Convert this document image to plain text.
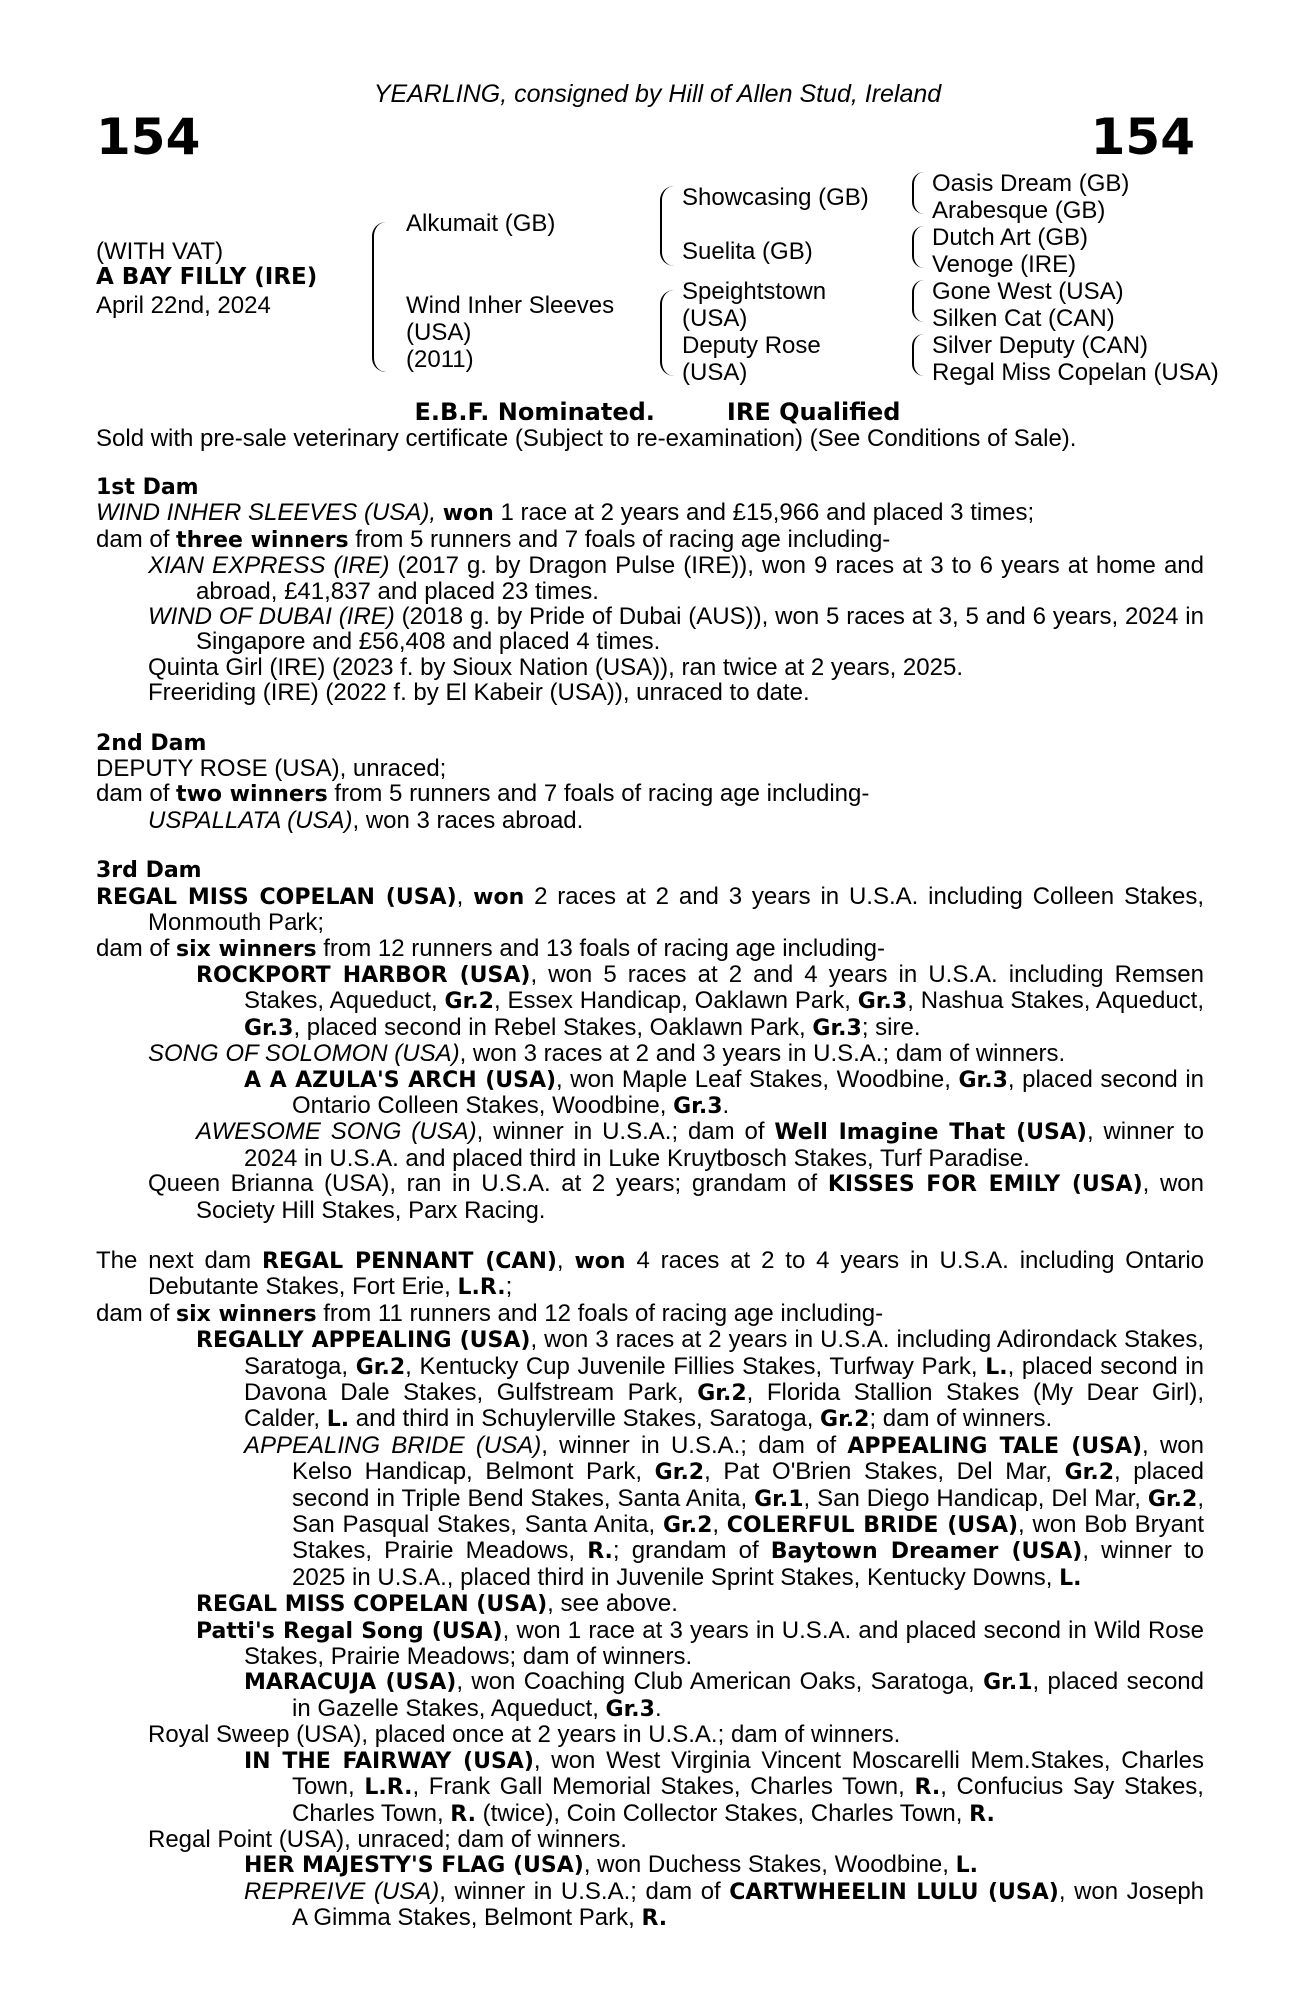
YEARLING, consigned by Hill of Allen Stud, Ireland
154	154
(WITH VAT)
A BAY FILLY (IRE)
April 22nd, 2024
Alkumait (GB)
Wind Inher Sleeves
(USA)
(2011)
Showcasing (GB)
Suelita (GB)
Speightstown
(USA)
Deputy Rose
(USA)
Oasis Dream (GB)
Arabesque (GB)
Dutch Art (GB)
Venoge (IRE)
Gone West (USA)
Silken Cat (CAN)
Silver Deputy (CAN)
Regal Miss Copelan (USA)
E.B.F. Nominated.	IRE Qualified
Sold with pre-sale veterinary certificate (Subject to re-examination) (See Conditions of Sale).

1st Dam

WIND INHER SLEEVES (USA), won 1 race at 2 years and £15,966 and placed 3 times;

dam of three winners from 5 runners and 7 foals of racing age including-

XIAN EXPRESS (IRE) (2017 g. by Dragon Pulse (IRE)), won 9 races at 3 to 6 years at home and abroad, £41,837 and placed 23 times.

WIND OF DUBAI (IRE) (2018 g. by Pride of Dubai (AUS)), won 5 races at 3, 5 and 6 years, 2024 in Singapore and £56,408 and placed 4 times.

Quinta Girl (IRE) (2023 f. by Sioux Nation (USA)), ran twice at 2 years, 2025.

Freeriding (IRE) (2022 f. by El Kabeir (USA)), unraced to date.

2nd Dam

DEPUTY ROSE (USA), unraced;

dam of two winners from 5 runners and 7 foals of racing age including-

USPALLATA (USA), won 3 races abroad.

3rd Dam

REGAL MISS COPELAN (USA), won 2 races at 2 and 3 years in U.S.A. including Colleen Stakes, Monmouth Park;

dam of six winners from 12 runners and 13 foals of racing age including-

ROCKPORT HARBOR (USA), won 5 races at 2 and 4 years in U.S.A. including Remsen Stakes, Aqueduct, Gr.2, Essex Handicap, Oaklawn Park, Gr.3, Nashua Stakes, Aqueduct, Gr.3, placed second in Rebel Stakes, Oaklawn Park, Gr.3; sire.

SONG OF SOLOMON (USA), won 3 races at 2 and 3 years in U.S.A.; dam of winners.

A A AZULA'S ARCH (USA), won Maple Leaf Stakes, Woodbine, Gr.3, placed second in Ontario Colleen Stakes, Woodbine, Gr.3.

AWESOME SONG (USA), winner in U.S.A.; dam of Well Imagine That (USA), winner to 2024 in U.S.A. and placed third in Luke Kruytbosch Stakes, Turf Paradise.

Queen Brianna (USA), ran in U.S.A. at 2 years; grandam of KISSES FOR EMILY (USA), won Society Hill Stakes, Parx Racing.

The next dam REGAL PENNANT (CAN), won 4 races at 2 to 4 years in U.S.A. including Ontario Debutante Stakes, Fort Erie, L.R.;

dam of six winners from 11 runners and 12 foals of racing age including-

REGALLY APPEALING (USA), won 3 races at 2 years in U.S.A. including Adirondack Stakes, Saratoga, Gr.2, Kentucky Cup Juvenile Fillies Stakes, Turfway Park, L., placed second in Davona Dale Stakes, Gulfstream Park, Gr.2, Florida Stallion Stakes (My Dear Girl), Calder, L. and third in Schuylerville Stakes, Saratoga, Gr.2; dam of winners.

APPEALING BRIDE (USA), winner in U.S.A.; dam of APPEALING TALE (USA), won Kelso Handicap, Belmont Park, Gr.2, Pat O'Brien Stakes, Del Mar, Gr.2, placed second in Triple Bend Stakes, Santa Anita, Gr.1, San Diego Handicap, Del Mar, Gr.2, San Pasqual Stakes, Santa Anita, Gr.2, COLERFUL BRIDE (USA), won Bob Bryant Stakes, Prairie Meadows, R.; grandam of Baytown Dreamer (USA), winner to 2025 in U.S.A., placed third in Juvenile Sprint Stakes, Kentucky Downs, L.

REGAL MISS COPELAN (USA), see above.

Patti's Regal Song (USA), won 1 race at 3 years in U.S.A. and placed second in Wild Rose Stakes, Prairie Meadows; dam of winners.

MARACUJA (USA), won Coaching Club American Oaks, Saratoga, Gr.1, placed second in Gazelle Stakes, Aqueduct, Gr.3.

Royal Sweep (USA), placed once at 2 years in U.S.A.; dam of winners.

IN THE FAIRWAY (USA), won West Virginia Vincent Moscarelli Mem.Stakes, Charles Town, L.R., Frank Gall Memorial Stakes, Charles Town, R., Confucius Say Stakes, Charles Town, R. (twice), Coin Collector Stakes, Charles Town, R.

Regal Point (USA), unraced; dam of winners.

HER MAJESTY'S FLAG (USA), won Duchess Stakes, Woodbine, L.

REPREIVE (USA), winner in U.S.A.; dam of CARTWHEELIN LULU (USA), won Joseph A Gimma Stakes, Belmont Park, R.
